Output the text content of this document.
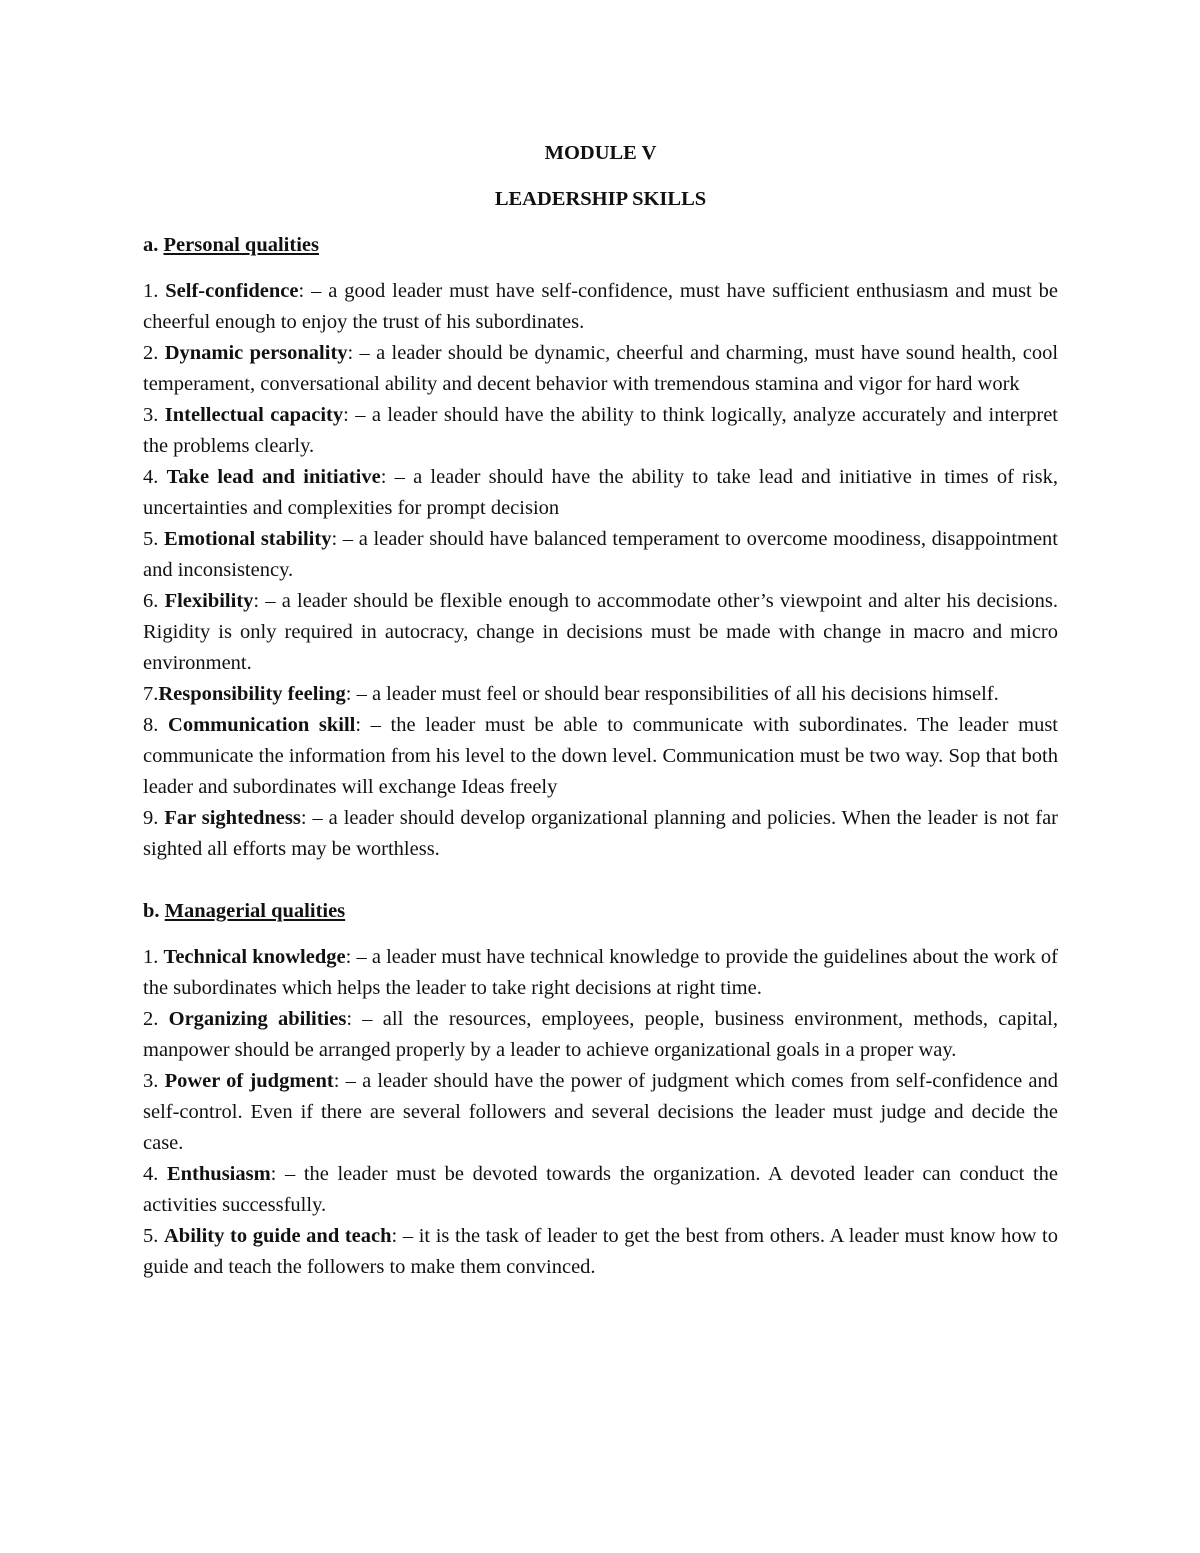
MODULE V

LEADERSHIP SKILLS

a. Personal qualities

1. Self-confidence: – a good leader must have self-confidence, must have sufficient enthusiasm and must be cheerful enough to enjoy the trust of his subordinates.

2. Dynamic personality: – a leader should be dynamic, cheerful and charming, must have sound health, cool temperament, conversational ability and decent behavior with tremendous stamina and vigor for hard work

3. Intellectual capacity: – a leader should have the ability to think logically, analyze accurately and interpret the problems clearly.

4. Take lead and initiative: – a leader should have the ability to take lead and initiative in times of risk, uncertainties and complexities for prompt decision

5. Emotional stability: – a leader should have balanced temperament to overcome moodiness, disappointment and inconsistency.

6. Flexibility: – a leader should be flexible enough to accommodate other’s viewpoint and alter his decisions. Rigidity is only required in autocracy, change in decisions must be made with change in macro and micro environment.

7.Responsibility feeling: – a leader must feel or should bear responsibilities of all his decisions himself.

8. Communication skill: – the leader must be able to communicate with subordinates. The leader must communicate the information from his level to the down level. Communication must be two way. Sop that both leader and subordinates will exchange Ideas freely

9. Far sightedness: – a leader should develop organizational planning and policies. When the leader is not far sighted all efforts may be worthless.

b. Managerial qualities

1. Technical knowledge: – a leader must have technical knowledge to provide the guidelines about the work of the subordinates which helps the leader to take right decisions at right time.

2. Organizing abilities: – all the resources, employees, people, business environment, methods, capital, manpower should be arranged properly by a leader to achieve organizational goals in a proper way.

3. Power of judgment: – a leader should have the power of judgment which comes from self-confidence and self-control. Even if there are several followers and several decisions the leader must judge and decide the case.

4. Enthusiasm: – the leader must be devoted towards the organization. A devoted leader can conduct the activities successfully.

5. Ability to guide and teach: – it is the task of leader to get the best from others. A leader must know how to guide and teach the followers to make them convinced.
